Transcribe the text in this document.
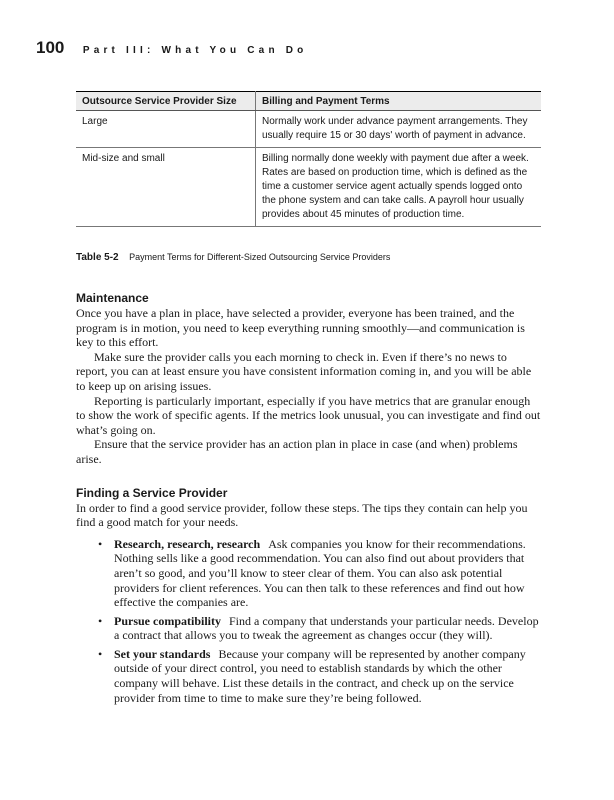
100 Part III: What You Can Do
Outsource Service Provider Size	Billing and Payment Terms
Large	Normally work under advance payment arrangements. They usually require 15 or 30 days' worth of payment in advance.
Mid-size and small	Billing normally done weekly with payment due after a week. Rates are based on production time, which is defined as the time a customer service agent actually spends logged onto the phone system and can take calls. A payroll hour usually provides about 45 minutes of production time.
Table 5-2 Payment Terms for Different-Sized Outsourcing Service Providers
Maintenance

Once you have a plan in place, have selected a provider, everyone has been trained, and the program is in motion, you need to keep everything running smoothly—and communication is key to this effort.

Make sure the provider calls you each morning to check in. Even if there’s no news to report, you can at least ensure you have consistent information coming in, and you will be able to keep up on arising issues.

Reporting is particularly important, especially if you have metrics that are granular enough to show the work of specific agents. If the metrics look unusual, you can investigate and find out what’s going on.

Ensure that the service provider has an action plan in place in case (and when) problems arise.

Finding a Service Provider

In order to find a good service provider, follow these steps. The tips they contain can help you find a good match for your needs.

• Research, research, research Ask companies you know for their recommendations. Nothing sells like a good recommendation. You can also find out about providers that aren’t so good, and you’ll know to steer clear of them. You can also ask potential providers for client references. You can then talk to these references and find out how effective the companies are.
• Pursue compatibility Find a company that understands your particular needs. Develop a contract that allows you to tweak the agreement as changes occur (they will).
• Set your standards Because your company will be represented by another company outside of your direct control, you need to establish standards by which the other company will behave. List these details in the contract, and check up on the service provider from time to time to make sure they’re being followed.
